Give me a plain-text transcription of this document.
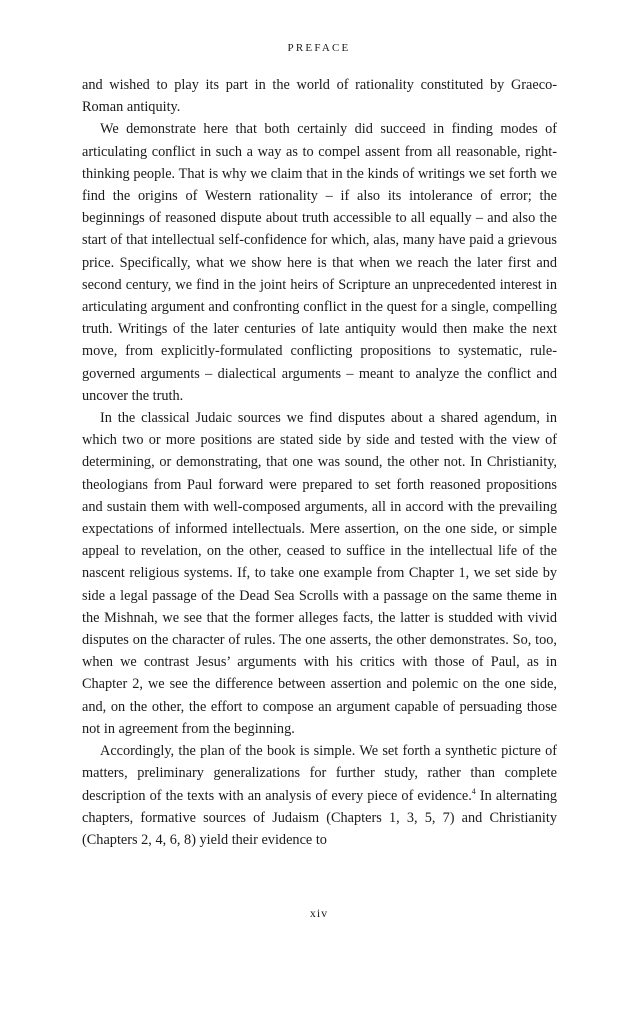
PREFACE

and wished to play its part in the world of rationality constituted by Graeco-Roman antiquity.

We demonstrate here that both certainly did succeed in finding modes of articulating conflict in such a way as to compel assent from all reasonable, right-thinking people. That is why we claim that in the kinds of writings we set forth we find the origins of Western rationality – if also its intolerance of error; the beginnings of reasoned dispute about truth accessible to all equally – and also the start of that intellectual self-confidence for which, alas, many have paid a grievous price. Specifically, what we show here is that when we reach the later first and second century, we find in the joint heirs of Scripture an unprecedented interest in articulating argument and confronting conflict in the quest for a single, compelling truth. Writings of the later centuries of late antiquity would then make the next move, from explicitly-formulated conflicting propositions to systematic, rule-governed arguments – dialectical arguments – meant to analyze the conflict and uncover the truth.

In the classical Judaic sources we find disputes about a shared agendum, in which two or more positions are stated side by side and tested with the view of determining, or demonstrating, that one was sound, the other not. In Christianity, theologians from Paul forward were prepared to set forth reasoned propositions and sustain them with well-composed arguments, all in accord with the prevailing expectations of informed intellectuals. Mere assertion, on the one side, or simple appeal to revelation, on the other, ceased to suffice in the intellectual life of the nascent religious systems. If, to take one example from Chapter 1, we set side by side a legal passage of the Dead Sea Scrolls with a passage on the same theme in the Mishnah, we see that the former alleges facts, the latter is studded with vivid disputes on the character of rules. The one asserts, the other demonstrates. So, too, when we contrast Jesus’ arguments with his critics with those of Paul, as in Chapter 2, we see the difference between assertion and polemic on the one side, and, on the other, the effort to compose an argument capable of persuading those not in agreement from the beginning.

Accordingly, the plan of the book is simple. We set forth a synthetic picture of matters, preliminary generalizations for further study, rather than complete description of the texts with an analysis of every piece of evidence.$^4$ In alternating chapters, formative sources of Judaism (Chapters 1, 3, 5, 7) and Christianity (Chapters 2, 4, 6, 8) yield their evidence to

xiv
